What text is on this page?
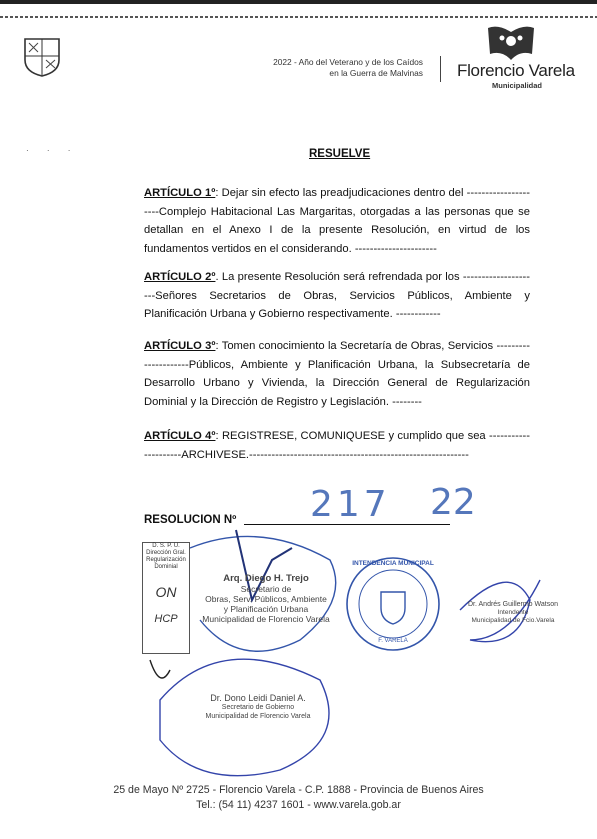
· · ·
2022 - Año del Veterano y de los Caídos
en la Guerra de Malvinas Florencio Varela
Municipalidad
RESUELVE
ARTÍCULO 1º: Dejar sin efecto las preadjudicaciones dentro del ---------------------Complejo Habitacional Las Margaritas, otorgadas a las personas que se detallan en el Anexo I de la presente Resolución, en virtud de los fundamentos vertidos en el considerando. ----------------------
ARTÍCULO 2º. La presente Resolución será refrendada por los ---------------------Señores Secretarios de Obras, Servicios Públicos, Ambiente y Planificación Urbana y Gobierno respectivamente. ------------
ARTÍCULO 3º: Tomen conocimiento la Secretaría de Obras, Servicios ---------------------Públicos, Ambiente y Planificación Urbana, la Subsecretaría de Desarrollo Urbano y Vivienda, la Dirección General de Regularización Dominial y la Dirección de Registro y Legislación. --------
ARTÍCULO 4º: REGISTRESE, COMUNIQUESE y cumplido que sea ---------------------ARCHIVESE.-----------------------------------------------------------
RESOLUCION Nº 217 22
D. S. P. U.
Dirección Gral.
Regularización
Dominial
ON
HCP
INTENDENCIA MUNICIPAL
F. VARELA
Arq. Diego H. Trejo
Secretario de
Obras, Serv. Públicos, Ambiente
y Planificación Urbana
Municipalidad de Florencio Varela
Dr. Andrés Guillermo Watson
Intendente
Municipalidad de Fcio.Varela
Dr. Dono Leidi Daniel A.
Secretario de Gobierno
Municipalidad de Florencio Varela
25 de Mayo Nº 2725 - Florencio Varela - C.P. 1888 - Provincia de Buenos Aires
Tel.: (54 11) 4237 1601 - www.varela.gob.ar
